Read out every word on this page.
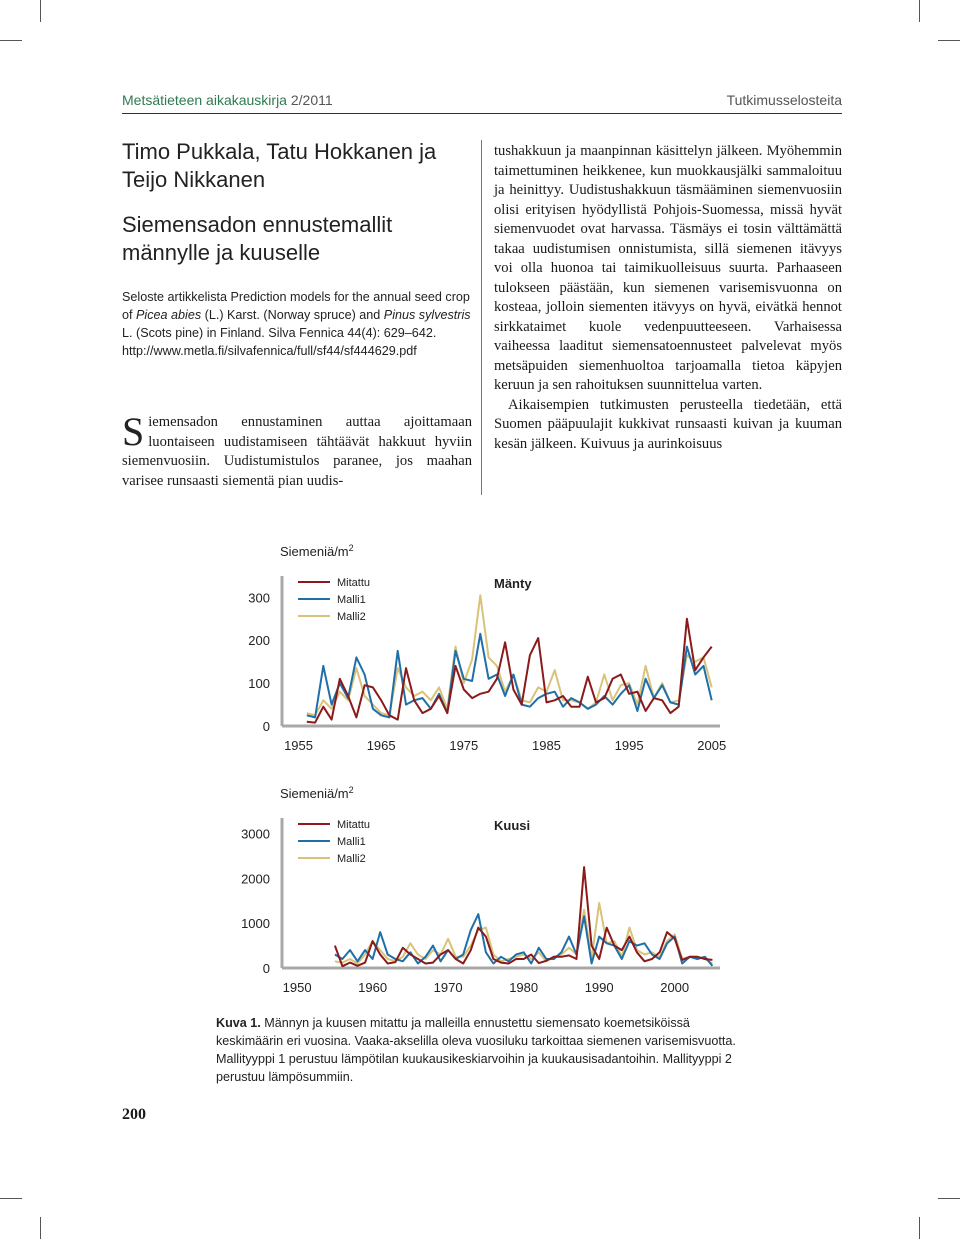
Metsätieteen aikakauskirja 2/2011	Tutkimusselosteita
Timo Pukkala, Tatu Hokkanen ja Teijo Nikkanen
Siemensadon ennustemallit männylle ja kuuselle
Seloste artikkelista Prediction models for the annual seed crop of Picea abies (L.) Karst. (Norway spruce) and Pinus sylvestris L. (Scots pine) in Finland. Silva Fennica 44(4): 629–642.
http://www.metla.fi/silvafennica/full/sf44/sf444629.pdf
Siemensadon ennustaminen auttaa ajoittamaan luontaiseen uudistamiseen tähtäävät hakkuut hyviin siemenvuosiin. Uudistumistulos paranee, jos maahan varisee runsaasti siementä pian uudis-

tushakkuun ja maanpinnan käsittelyn jälkeen. Myöhemmin taimettuminen heikkenee, kun muokkausjälki sammaloituu ja heinittyy. Uudistushakkuun täsmääminen siemenvuosiin olisi erityisen hyödyllistä Pohjois-Suomessa, missä hyvät siemenvuodet ovat harvassa. Täsmäys ei tosin välttämättä takaa uudistumisen onnistumista, sillä siemenen itävyys voi olla huonoa tai taimikuolleisuus suurta. Parhaaseen tulokseen päästään, kun siemenen varisemisvuonna on kosteaa, jolloin siementen itävyys on hyvä, eivätkä hennot sirkkataimet kuole vedenpuutteeseen. Varhaisessa vaiheessa laaditut siemensatoennusteet palvelevat myös metsäpuiden siemenhuoltoa tarjoamalla tietoa käpyjen keruun ja sen rahoituksen suunnittelua varten.

Aikaisempien tutkimusten perusteella tiedetään, että Suomen pääpuulajit kukkivat runsaasti kuivan ja kuuman kesän jälkeen. Kuivuus ja aurinkoisuus

Siemeniä/$m^2$
0
100
200
300
1955	1965	1975	1985	1995	2005
Mänty
Mitattu
Malli1
Malli2
Siemeniä/$m^2$
0
1000
2000
3000
1950	1960	1970	1980	1990	2000
Kuusi
Mitattu
Malli1
Malli2
Kuva 1. Männyn ja kuusen mitattu ja malleilla ennustettu siemensato koemetsiköissä keskimäärin eri vuosina. Vaaka-akselilla oleva vuosiluku tarkoittaa siemenen varisemisvuotta. Mallityyppi 1 perustuu lämpötilan kuukausikeskiarvoihin ja kuukausisadantoihin. Mallityyppi 2 perustuu lämpösummiin.
200
